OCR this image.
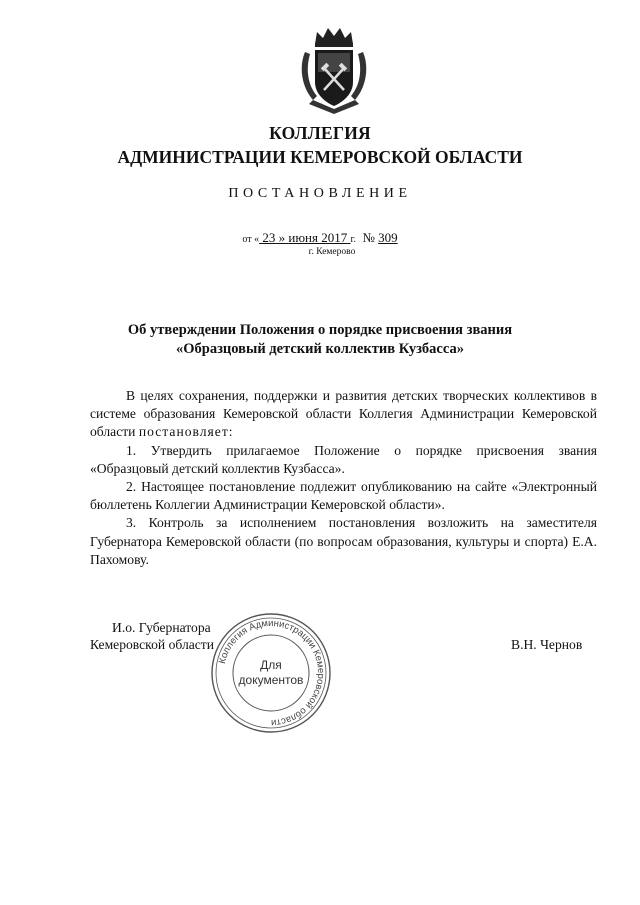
КОЛЛЕГИЯ
АДМИНИСТРАЦИИ КЕМЕРОВСКОЙ ОБЛАСТИ
ПОСТАНОВЛЕНИЕ
от « 23 » июня 2017 г. № 309
г. Кемерово
Об утверждении Положения о порядке присвоения звания
«Образцовый детский коллектив Кузбасса»

В целях сохранения, поддержки и развития детских творческих коллективов в системе образования Кемеровской области Коллегия Администрации Кемеровской области постановляет:

1. Утвердить прилагаемое Положение о порядке присвоения звания «Образцовый детский коллектив Кузбасса».

2. Настоящее постановление подлежит опубликованию на сайте «Электронный бюллетень Коллегии Администрации Кемеровской области».

3. Контроль за исполнением постановления возложить на заместителя Губернатора Кемеровской области (по вопросам образования, культуры и спорта) Е.А. Пахомову.

И.о. Губернатора
Кемеровской области	В.Н. Чернов
Коллегия Администрации Кемеровской области
Для
документов
